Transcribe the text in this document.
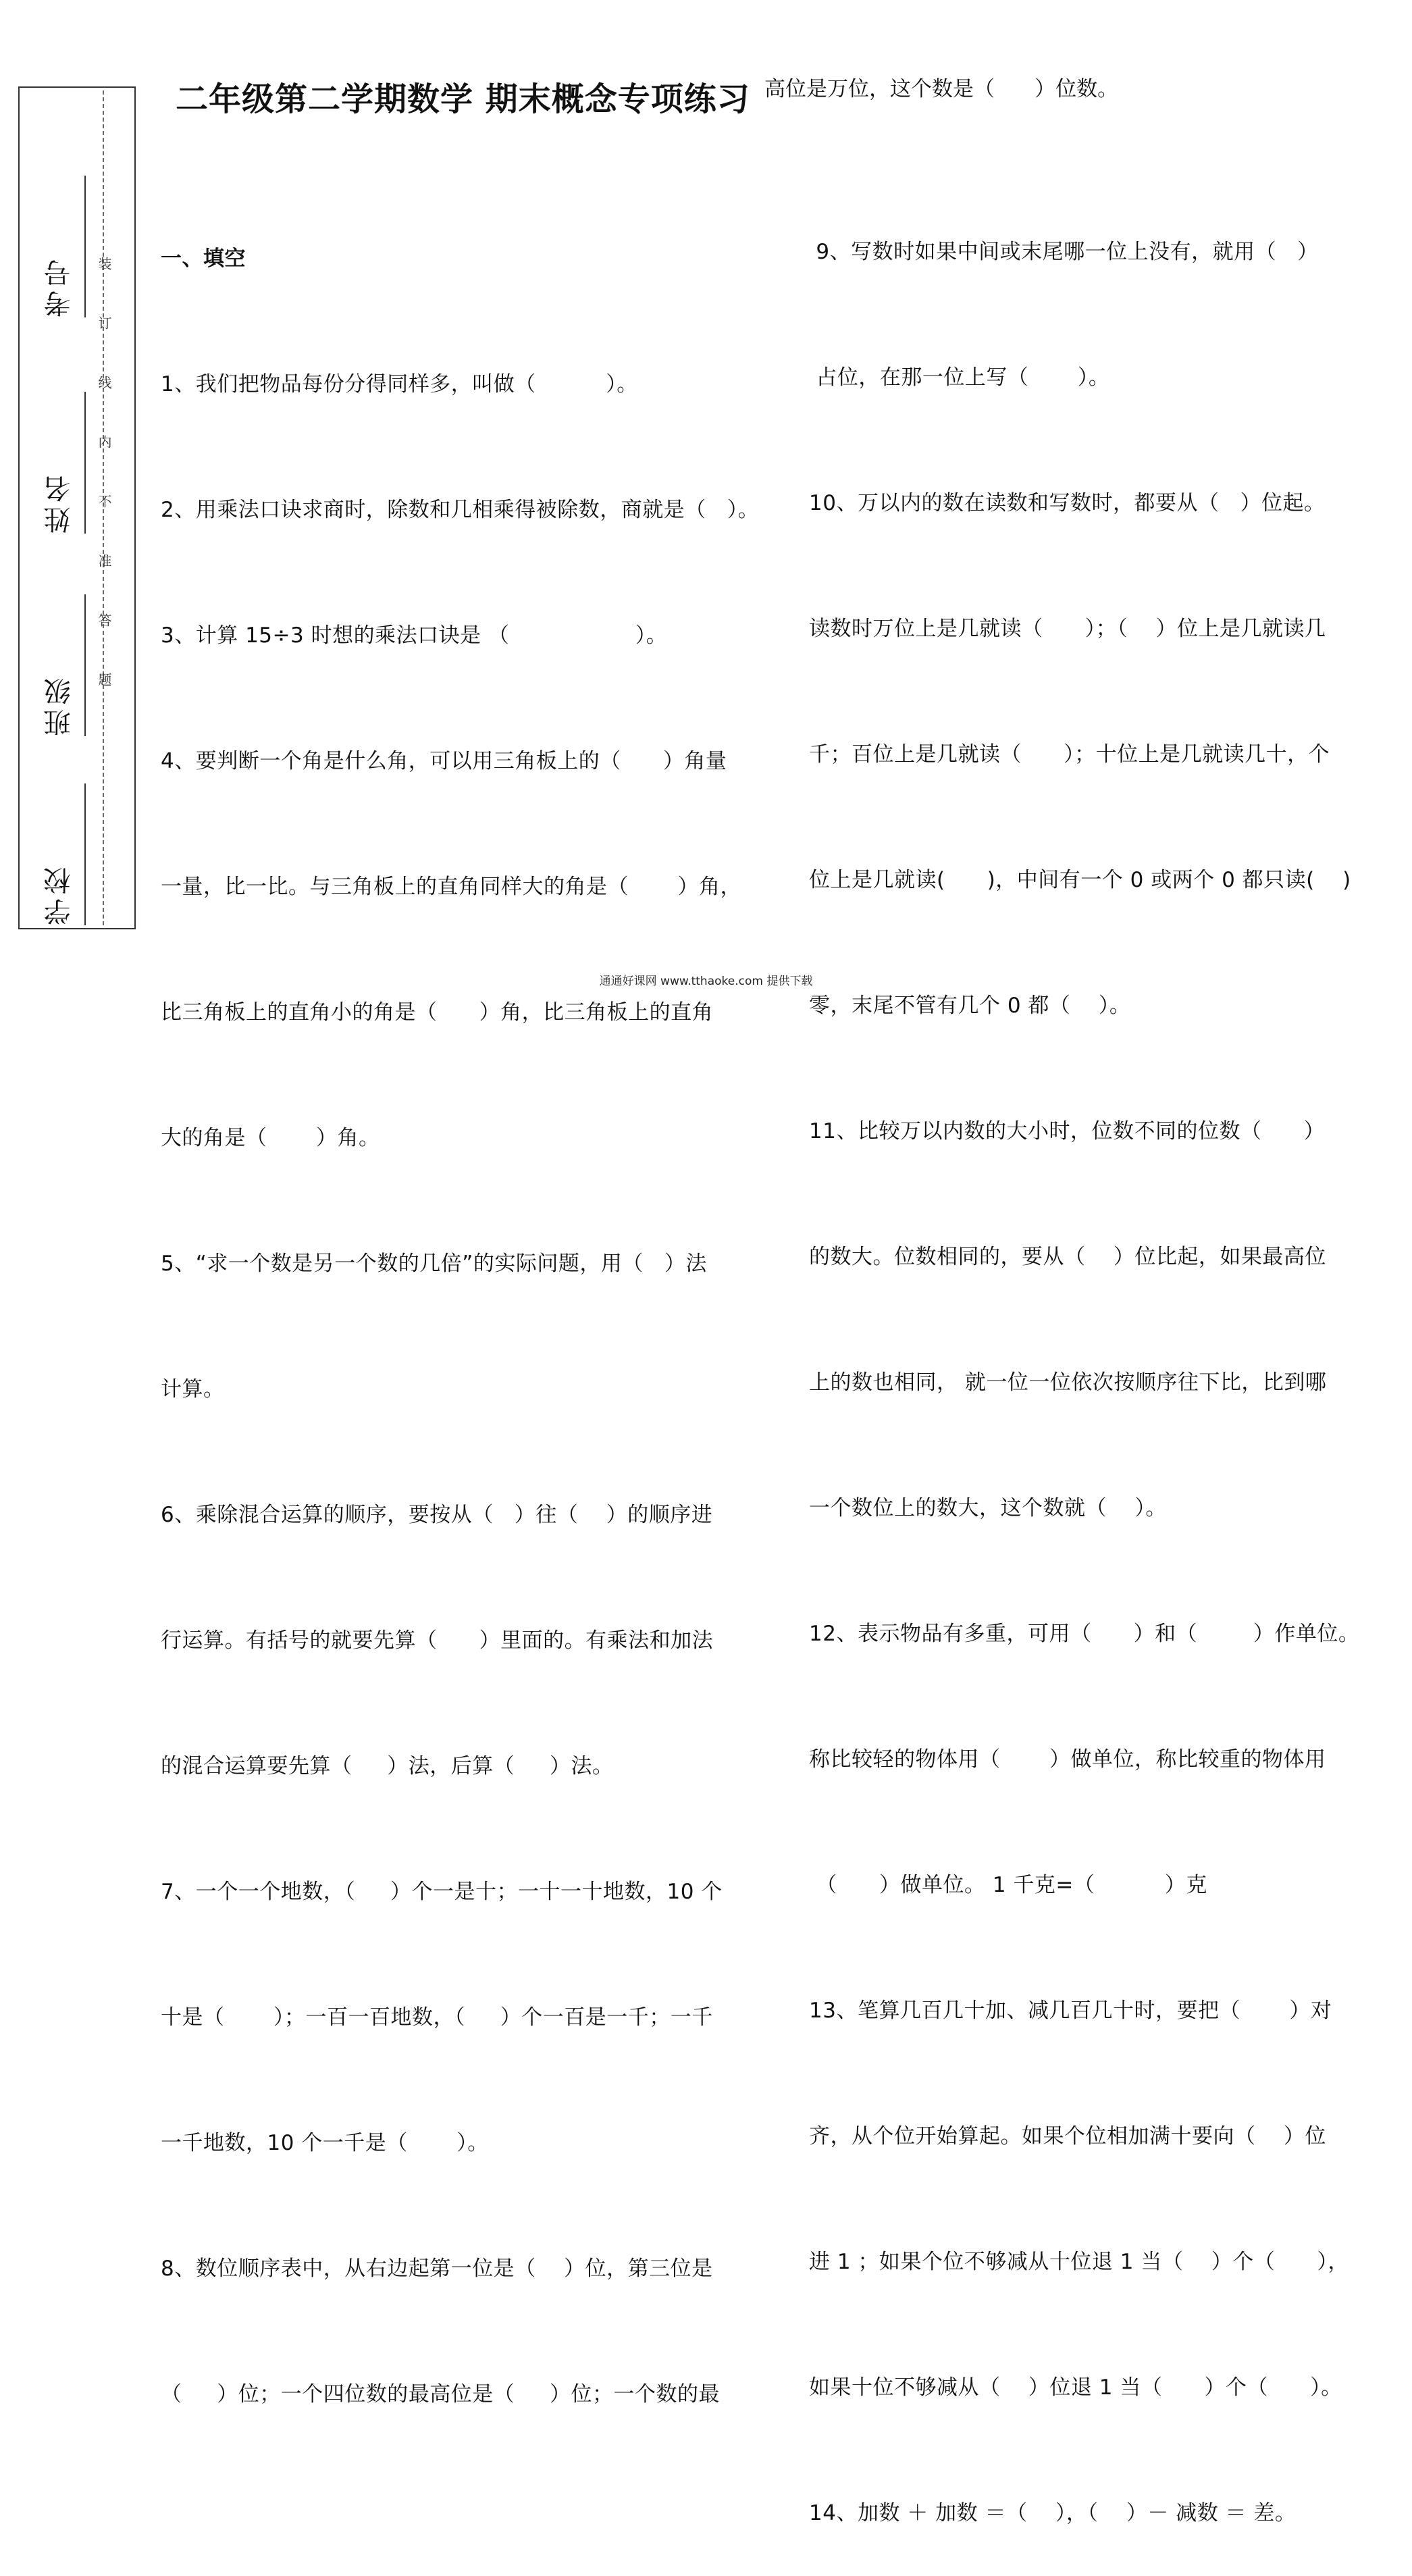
考号
姓名
班级
学校
装订线内不准答题
二年级第二学期数学 期末概念专项练习 高位是万位，这个数是（      ）位数。

一、填空

1、我们把物品每份分得同样多，叫做（          ）。

2、用乘法口诀求商时，除数和几相乘得被除数，商就是（   ）。

3、计算 15÷3 时想的乘法口诀是 （                  ）。

4、要判断一个角是什么角，可以用三角板上的（      ）角量

一量，比一比。与三角板上的直角同样大的角是（       ）角，

比三角板上的直角小的角是（      ）角，比三角板上的直角

大的角是（       ）角。

5、“求一个数是另一个数的几倍”的实际问题，用（   ）法

计算。

6、乘除混合运算的顺序，要按从（   ）往（    ）的顺序进

行运算。有括号的就要先算（      ）里面的。有乘法和加法

的混合运算要先算（     ）法，后算（     ）法。

7、一个一个地数，（     ）个一是十；一十一十地数，10 个

十是（       ）；一百一百地数，（     ）个一百是一千；一千

一千地数，10 个一千是（       ）。

8、数位顺序表中，从右边起第一位是（    ）位，第三位是

（     ）位；一个四位数的最高位是（     ）位；一个数的最

9、写数时如果中间或末尾哪一位上没有，就用（   ）

占位，在那一位上写（       ）。

10、万以内的数在读数和写数时，都要从（   ）位起。

读数时万位上是几就读（      ）；（    ）位上是几就读几

千；百位上是几就读（      ）；十位上是几就读几十，个

位上是几就读(      )，中间有一个 0 或两个 0 都只读(    )

零，末尾不管有几个 0 都（    ）。

11、比较万以内数的大小时，位数不同的位数（      ）

的数大。位数相同的，要从（    ）位比起，如果最高位

上的数也相同， 就一位一位依次按顺序往下比，比到哪

一个数位上的数大，这个数就（    ）。

12、表示物品有多重，可用（      ）和（        ）作单位。

称比较轻的物体用（       ）做单位，称比较重的物体用

（      ）做单位。 1 千克=（          ）克

13、笔算几百几十加、减几百几十时，要把（       ）对

齐，从个位开始算起。如果个位相加满十要向（    ）位

进 1 ；如果个位不够减从十位退 1 当（    ）个（      ），

如果十位不够减从（    ）位退 1 当（      ）个（      ）。

14、加数 ＋ 加数 ＝（    ），（    ）－ 减数 ＝ 差。

通通好课网 www.tthaoke.com 提供下载
